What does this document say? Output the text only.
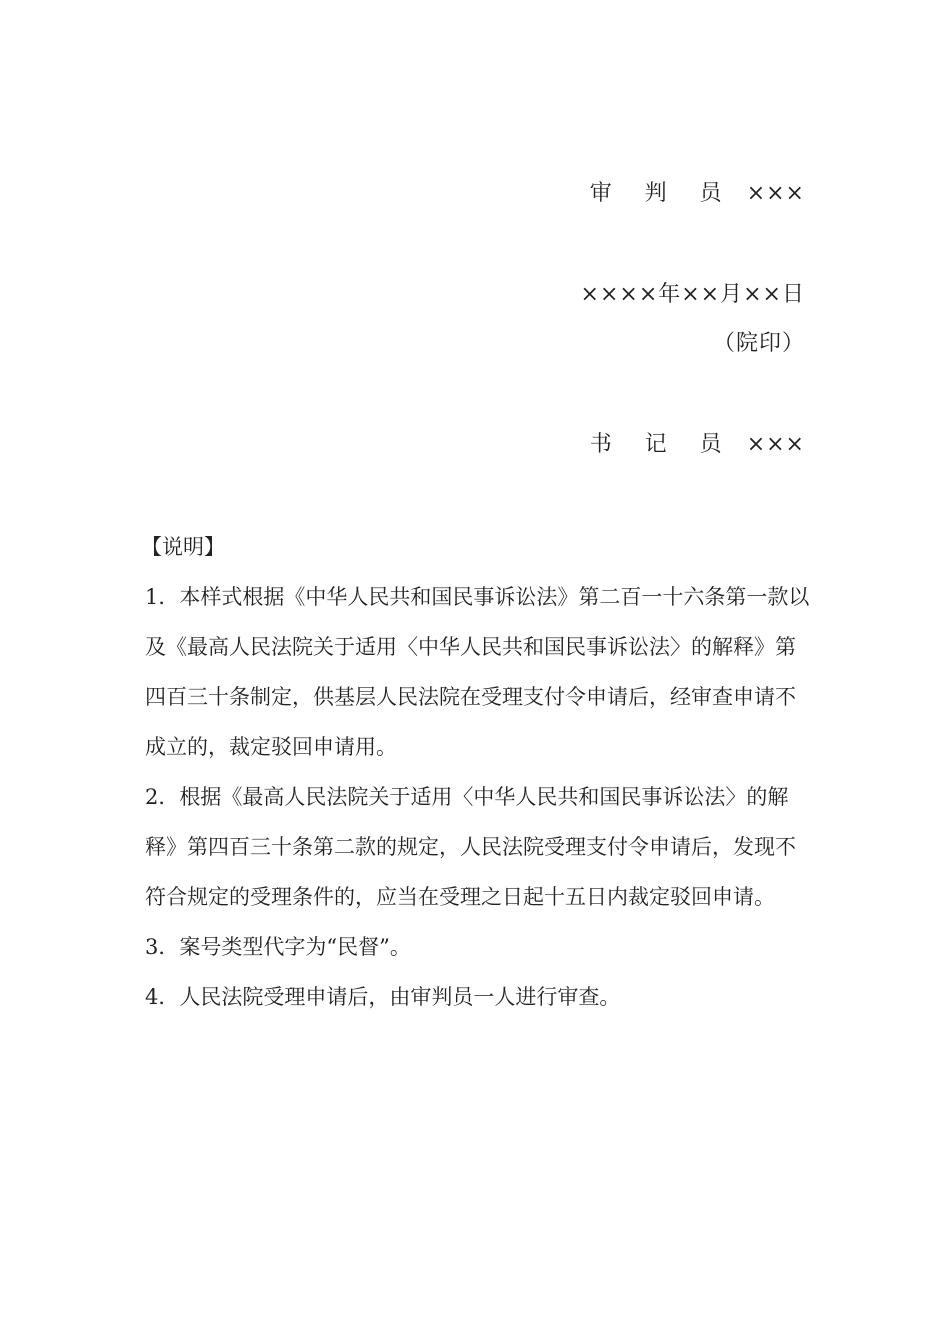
审 判 员 ×××
××××年××月××日
（院印）
书 记 员 ×××
【说明】

1．本样式根据《中华人民共和国民事诉讼法》第二百一十六条第一款以及《最高人民法院关于适用〈中华人民共和国民事诉讼法〉的解释》第四百三十条制定，供基层人民法院在受理支付令申请后，经审查申请不成立的，裁定驳回申请用。

2．根据《最高人民法院关于适用〈中华人民共和国民事诉讼法〉的解释》第四百三十条第二款的规定，人民法院受理支付令申请后，发现不符合规定的受理条件的，应当在受理之日起十五日内裁定驳回申请。

3．案号类型代字为“民督”。

4．人民法院受理申请后，由审判员一人进行审查。
